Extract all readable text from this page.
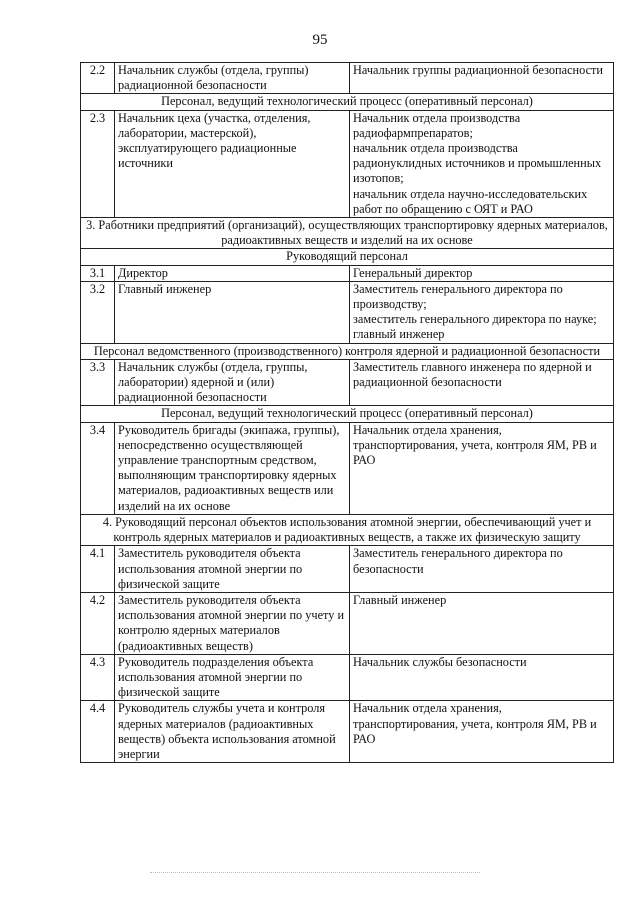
95
2.2	Начальник службы (отдела, группы) радиационной безопасности	Начальник группы радиационной безопасности
Персонал, ведущий технологический процесс (оперативный персонал)		
2.3	Начальник цеха (участка, отделения, лаборатории, мастерской), эксплуатирующего радиационные источники	Начальник отдела производства радиофармпрепаратов;
начальник отдела производства радионуклидных источников и промышленных изотопов;
начальник отдела научно-исследовательских работ по обращению с ОЯТ и РАО
3. Работники предприятий (организаций), осуществляющих транспортировку ядерных материалов, радиоактивных веществ и изделий на их основе		
Руководящий персонал		
3.1	Директор	Генеральный директор
3.2	Главный инженер	Заместитель генерального директора по производству;
заместитель генерального директора по науке;
главный инженер
Персонал ведомственного (производственного) контроля ядерной и радиационной безопасности		
3.3	Начальник службы (отдела, группы, лаборатории) ядерной и (или) радиационной безопасности	Заместитель главного инженера по ядерной и радиационной безопасности
Персонал, ведущий технологический процесс (оперативный персонал)		
3.4	Руководитель бригады (экипажа, группы), непосредственно осуществляющей управление транспортным средством, выполняющим транспортировку ядерных материалов, радиоактивных веществ или изделий на их основе	Начальник отдела хранения, транспортирования, учета, контроля ЯМ, РВ и РАО
4. Руководящий персонал объектов использования атомной энергии, обеспечивающий учет и контроль ядерных материалов и радиоактивных веществ, а также их физическую защиту		
4.1	Заместитель руководителя объекта использования атомной энергии по физической защите	Заместитель генерального директора по безопасности
4.2	Заместитель руководителя объекта использования атомной энергии по учету и контролю ядерных материалов (радиоактивных веществ)	Главный инженер
4.3	Руководитель подразделения объекта использования атомной энергии по физической защите	Начальник службы безопасности
4.4	Руководитель службы учета и контроля ядерных материалов (радиоактивных веществ) объекта использования атомной энергии	Начальник отдела хранения, транспортирования, учета, контроля ЯМ, РВ и РАО
